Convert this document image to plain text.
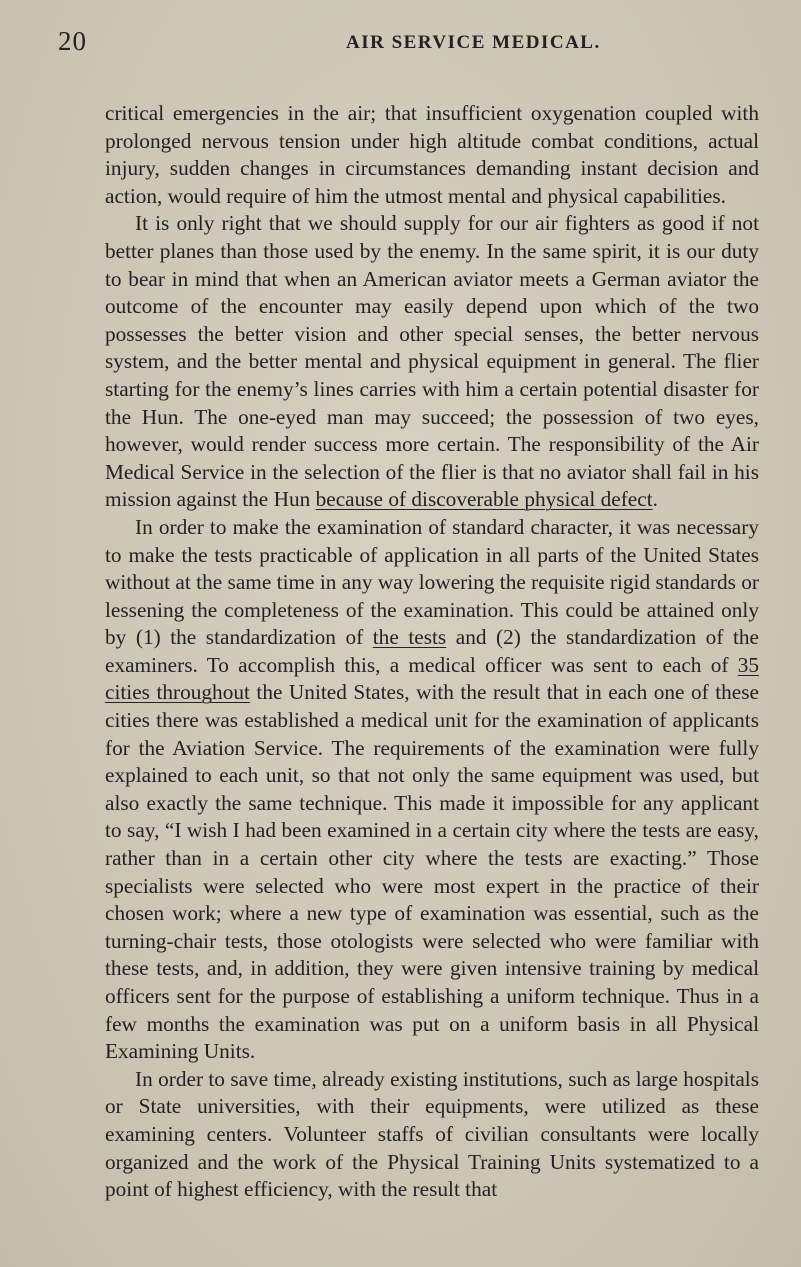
20	AIR SERVICE MEDICAL.

critical emergencies in the air; that insufficient oxygenation coupled with prolonged nervous tension under high altitude combat conditions, actual injury, sudden changes in circumstances demanding instant decision and action, would require of him the utmost mental and physical capabilities.

It is only right that we should supply for our air fighters as good if not better planes than those used by the enemy. In the same spirit, it is our duty to bear in mind that when an American aviator meets a German aviator the outcome of the encounter may easily depend upon which of the two possesses the better vision and other special senses, the better nervous system, and the better mental and physical equipment in general. The flier starting for the enemy’s lines carries with him a certain potential disaster for the Hun. The one-eyed man may succeed; the possession of two eyes, however, would render success more certain. The responsibility of the Air Medical Service in the selection of the flier is that no aviator shall fail in his mission against the Hun because of discoverable physical defect.

In order to make the examination of standard character, it was necessary to make the tests practicable of application in all parts of the United States without at the same time in any way lowering the requisite rigid standards or lessening the completeness of the examination. This could be attained only by (1) the standardization of the tests and (2) the standardization of the examiners. To accomplish this, a medical officer was sent to each of 35 cities throughout the United States, with the result that in each one of these cities there was established a medical unit for the examination of applicants for the Aviation Service. The requirements of the examination were fully explained to each unit, so that not only the same equipment was used, but also exactly the same technique. This made it impossible for any applicant to say, “I wish I had been examined in a certain city where the tests are easy, rather than in a certain other city where the tests are exacting.” Those specialists were selected who were most expert in the practice of their chosen work; where a new type of examination was essential, such as the turning-chair tests, those otologists were selected who were familiar with these tests, and, in addition, they were given intensive training by medical officers sent for the purpose of establishing a uniform technique. Thus in a few months the examination was put on a uniform basis in all Physical Examining Units.

In order to save time, already existing institutions, such as large hospitals or State universities, with their equipments, were utilized as these examining centers. Volunteer staffs of civilian consultants were locally organized and the work of the Physical Training Units systematized to a point of highest efficiency, with the result that
